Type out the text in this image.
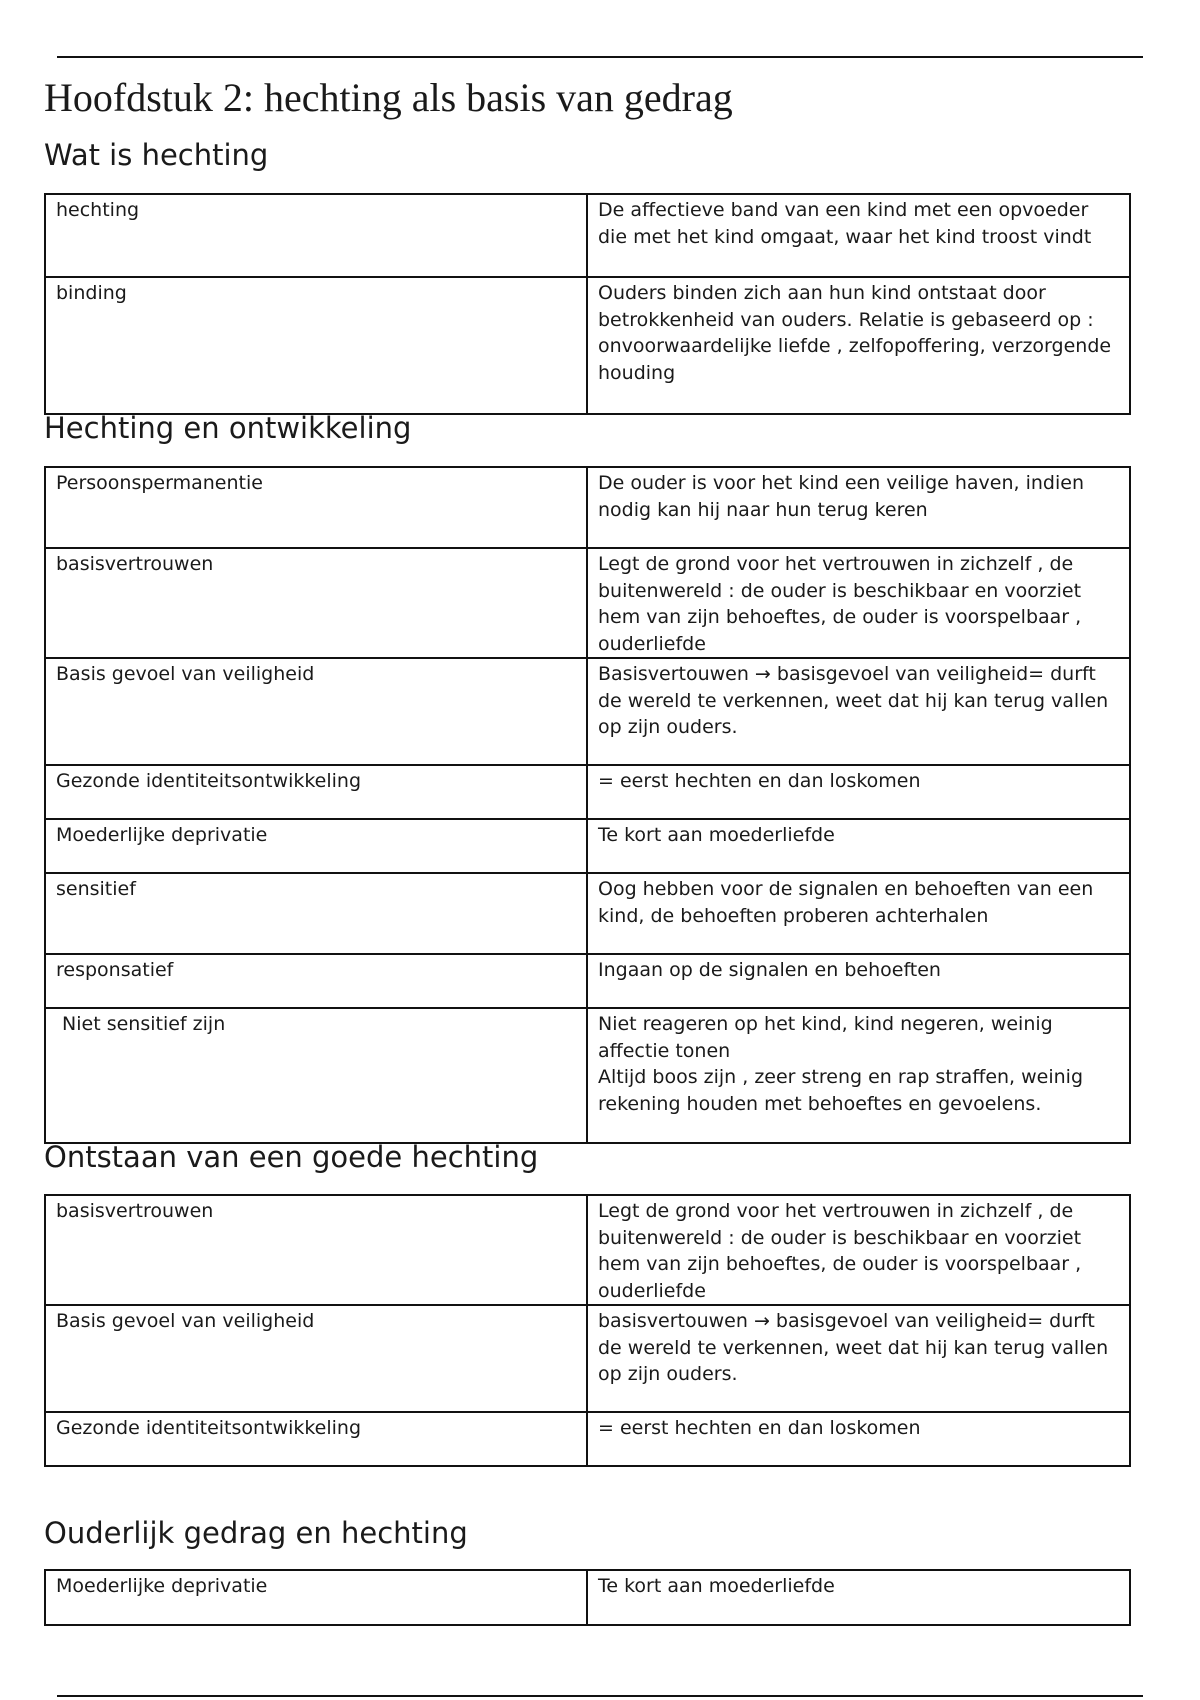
Hoofdstuk 2: hechting als basis van gedrag
Wat is hechting
hechting	De affectieve band van een kind met een opvoeder die met het kind omgaat, waar het kind troost vindt
binding	Ouders binden zich aan hun kind ontstaat door betrokkenheid van ouders. Relatie is gebaseerd op : onvoorwaardelijke liefde , zelfopoffering, verzorgende houding
Hechting en ontwikkeling
Persoonspermanentie	De ouder is voor het kind een veilige haven, indien nodig kan hij naar hun terug keren
basisvertrouwen	Legt de grond voor het vertrouwen in zichzelf , de buitenwereld : de ouder is beschikbaar en voorziet hem van zijn behoeftes, de ouder is voorspelbaar , ouderliefde
Basis gevoel van veiligheid	Basisvertouwen → basisgevoel van veiligheid= durft de wereld te verkennen, weet dat hij kan terug vallen op zijn ouders.
Gezonde identiteitsontwikkeling	= eerst hechten en dan loskomen
Moederlijke deprivatie	Te kort aan moederliefde
sensitief	Oog hebben voor de signalen en behoeften van een kind, de behoeften proberen achterhalen
responsatief	Ingaan op de signalen en behoeften
Niet sensitief zijn	Niet reageren op het kind, kind negeren, weinig affectie tonen
Altijd boos zijn , zeer streng en rap straffen, weinig rekening houden met behoeftes en gevoelens.
Ontstaan van een goede hechting
basisvertrouwen	Legt de grond voor het vertrouwen in zichzelf , de buitenwereld : de ouder is beschikbaar en voorziet hem van zijn behoeftes, de ouder is voorspelbaar , ouderliefde
Basis gevoel van veiligheid	basisvertouwen → basisgevoel van veiligheid= durft de wereld te verkennen, weet dat hij kan terug vallen op zijn ouders.
Gezonde identiteitsontwikkeling	= eerst hechten en dan loskomen
Ouderlijk gedrag en hechting
Moederlijke deprivatie	Te kort aan moederliefde
